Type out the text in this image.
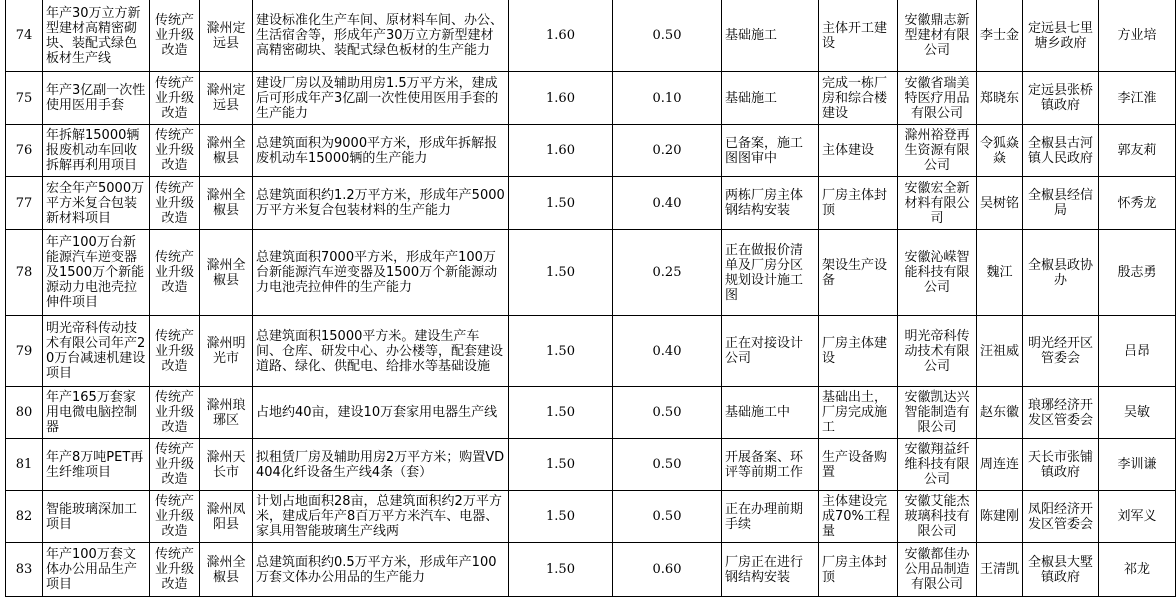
74	年产30万立方新型建材高精密砌块、装配式绿色板材生产线	传统产业升级改造	滁州定远县	建设标准化生产车间、原材料车间、办公、生活宿舍等，形成年产30万立方新型建材高精密砌块、装配式绿色板材的生产能力	1.60	0.50	基础施工	主体开工建设	安徽鼎志新型建材有限公司	李士金	定远县七里塘乡政府	方业培
75	年产3亿副一次性使用医用手套	传统产业升级改造	滁州定远县	建设厂房以及辅助用房1.5万平方米，建成后可形成年产3亿副一次性使用医用手套的生产能力	1.60	0.10	基础施工	完成一栋厂房和综合楼建设	安徽省瑞美特医疗用品有限公司	郑晓东	定远县张桥镇政府	李江淮
76	年拆解15000辆报废机动车回收拆解再利用项目	传统产业升级改造	滁州全椒县	总建筑面积为9000平方米，形成年拆解报废机动车15000辆的生产能力	1.60	0.20	已备案，施工图图审中	主体建设	滁州裕登再生资源有限公司	令狐焱焱	全椒县古河镇人民政府	郭友莉
77	宏全年产5000万平方米复合包装新材料项目	传统产业升级改造	滁州全椒县	总建筑面积约1.2万平方米，形成年产5000万平方米复合包装材料的生产能力	1.50	0.40	两栋厂房主体钢结构安装	厂房主体封顶	安徽宏全新材料有限公司	吴树铭	全椒县经信局	怀秀龙
78	年产100万台新能源汽车逆变器及1500万个新能源动力电池壳拉伸件项目	传统产业升级改造	滁州全椒县	总建筑面积7000平方米，形成年产100万台新能源汽车逆变器及1500万个新能源动力电池壳拉伸件的生产能力	1.50	0.25	正在做报价清单及厂房分区规划设计施工图	架设生产设备	安徽沁嵘智能科技有限公司	魏江	全椒县政协办	殷志勇
79	明光帝科传动技术有限公司年产20万台减速机建设项目	传统产业升级改造	滁州明光市	总建筑面积15000平方米。建设生产车间、仓库、研发中心、办公楼等，配套建设道路、绿化、供配电、给排水等基础设施	1.50	0.40	正在对接设计公司	厂房主体建设	明光帝科传动技术有限公司	汪祖威	明光经开区管委会	吕昂
80	年产165万套家用电微电脑控制器	传统产业升级改造	滁州琅琊区	占地约40亩，建设10万套家用电器生产线	1.50	0.50	基础施工中	基础出土，厂房完成施工	安徽凯达兴智能制造有限公司	赵东徽	琅琊经济开发区管委会	吴敏
81	年产8万吨PET再生纤维项目	传统产业升级改造	滁州天长市	拟租赁厂房及辅助用房2万平方米；购置VD404化纤设备生产线4条（套）	1.50	0.50	开展备案、环评等前期工作	生产设备购置	安徽翔益纤维科技有限公司	周连连	天长市张铺镇政府	李训谦
82	智能玻璃深加工项目	传统产业升级改造	滁州凤阳县	计划占地面积28亩，总建筑面积约2万平方米，建成后年产8百万平方米汽车、电器、家具用智能玻璃生产线两	1.50	0.50	正在办理前期手续	主体建设完成70%工程量	安徽艾能杰玻璃科技有限公司	陈建刚	凤阳经济开发区管委会	刘军义
83	年产100万套文体办公用品生产项目	传统产业升级改造	滁州全椒县	总建筑面积约0.5万平方米，形成年产100万套文体办公用品的生产能力	1.50	0.60	厂房正在进行钢结构安装	厂房主体封顶	安徽都佳办公用品制造有限公司	王清凯	全椒县大墅镇政府	祁龙
